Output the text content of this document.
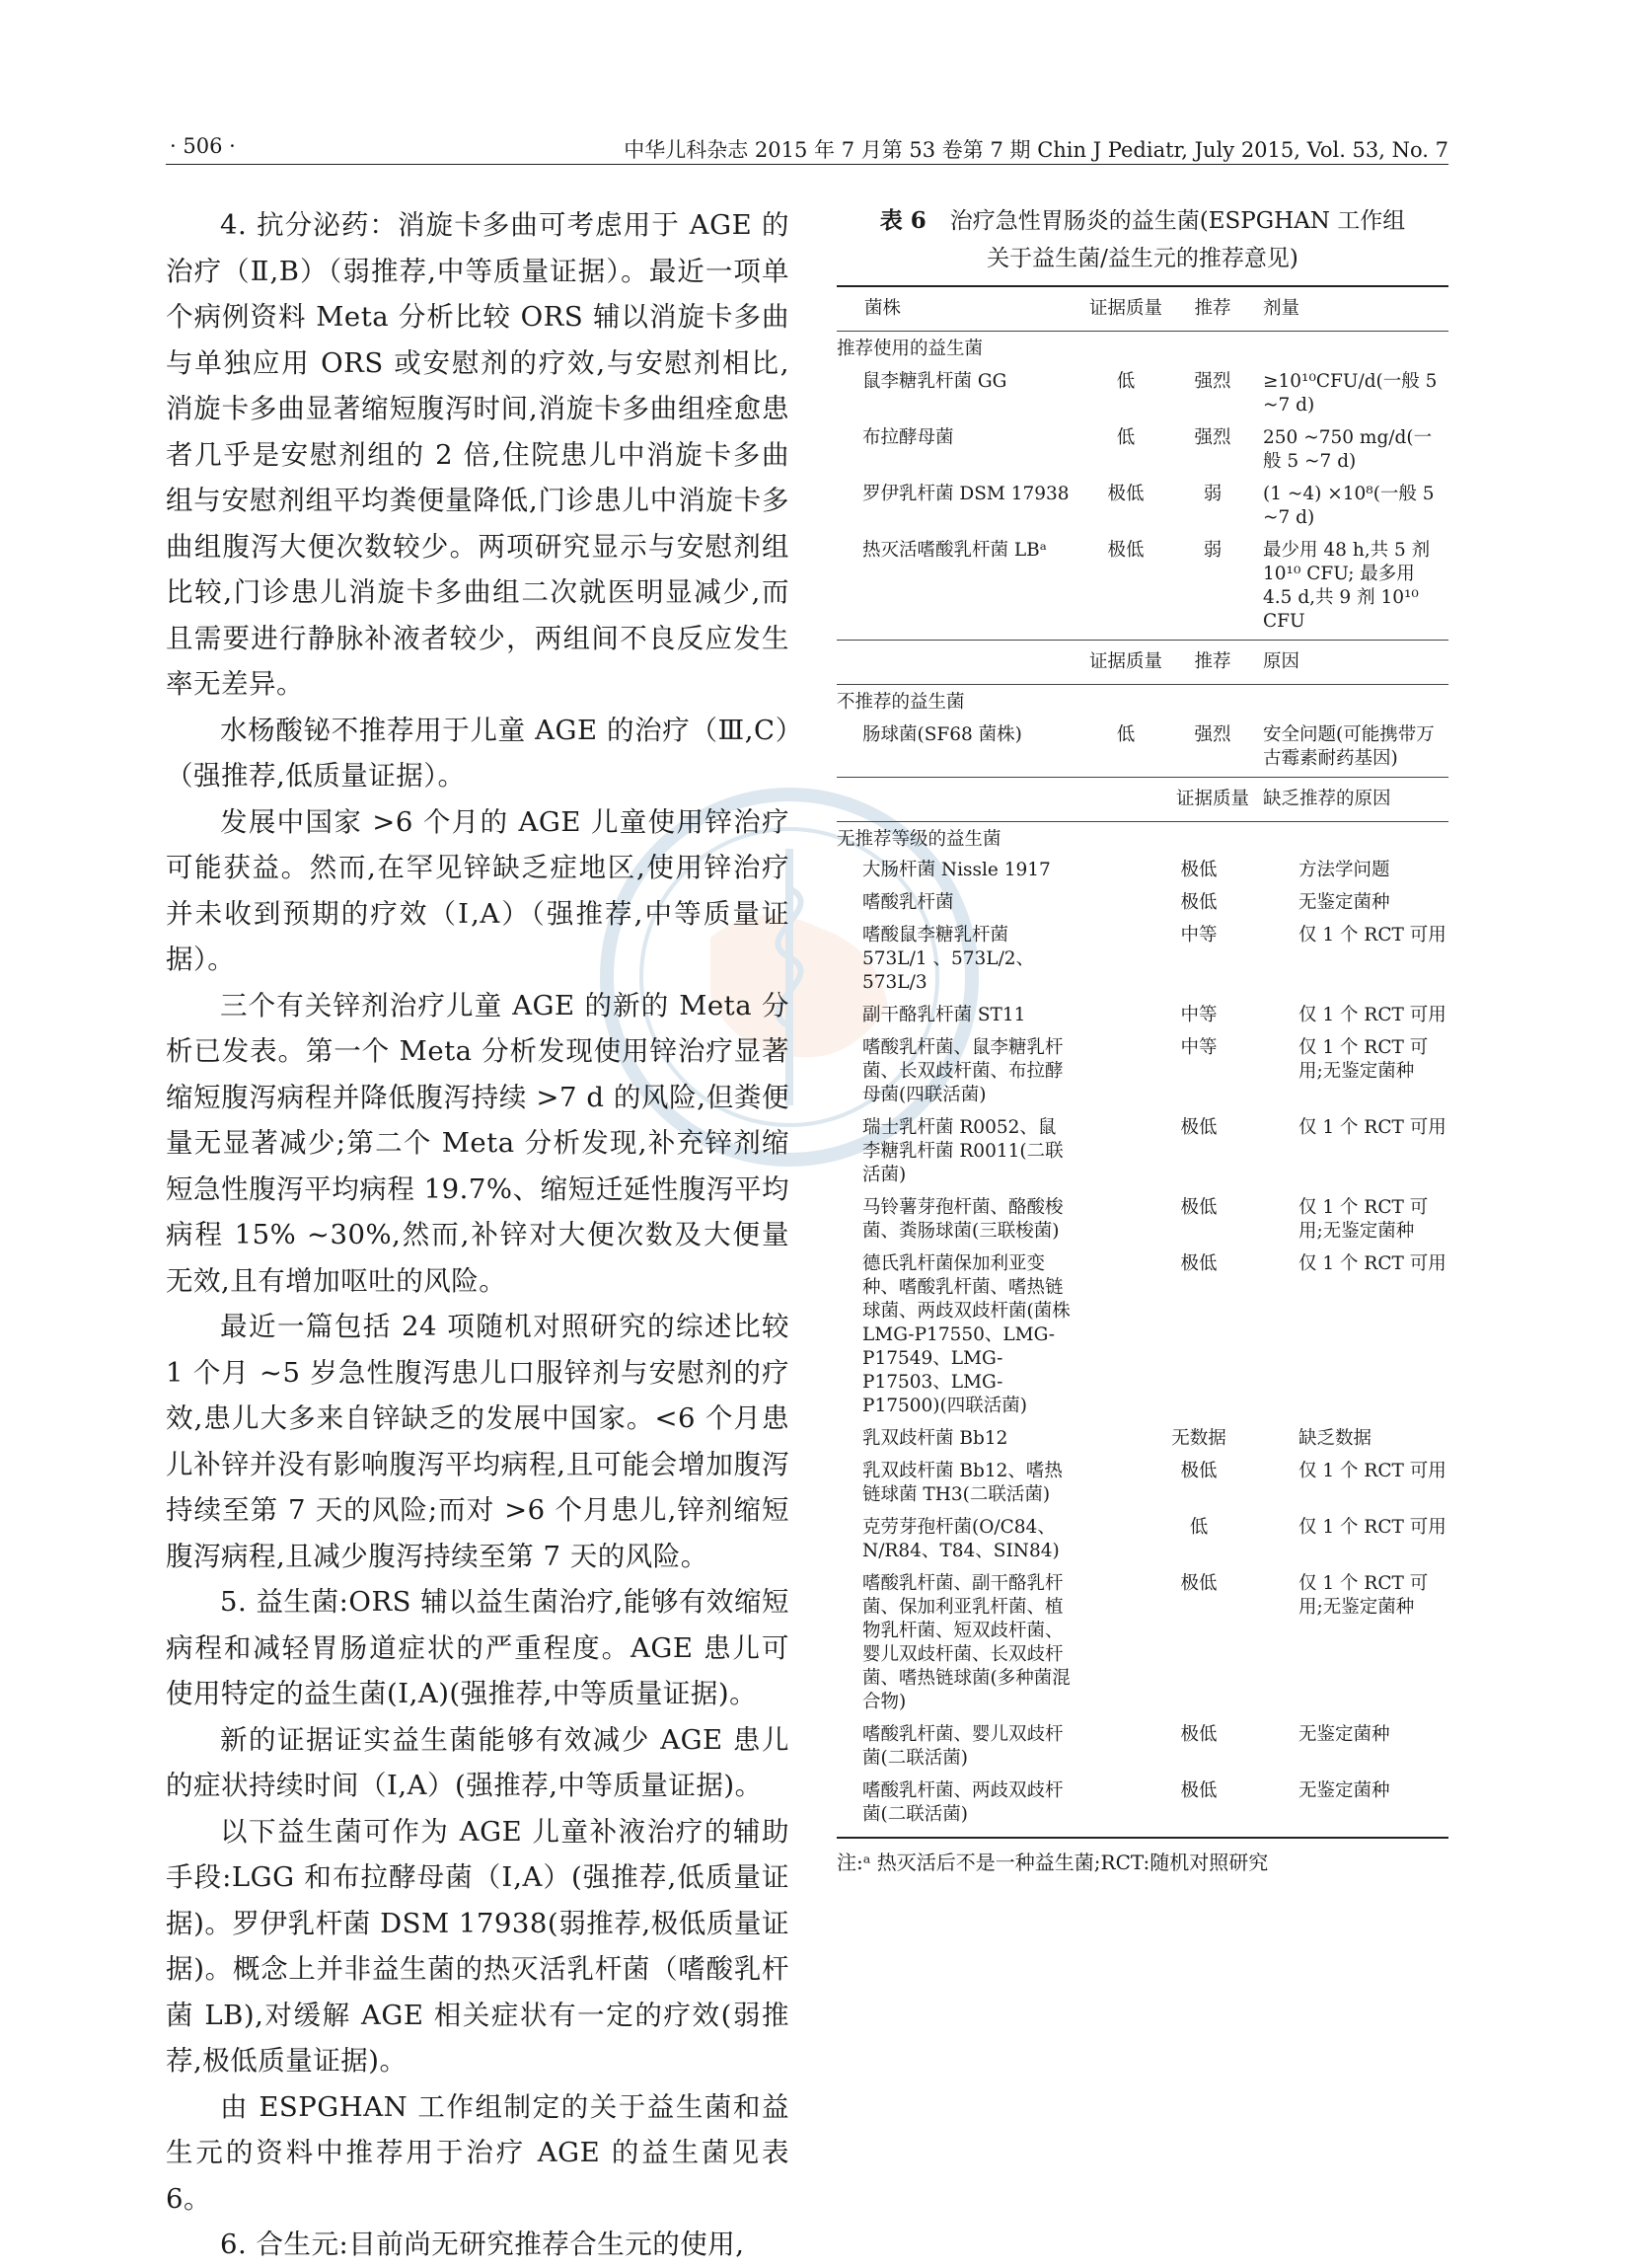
· 506 ·	中华儿科杂志 2015 年 7 月第 53 卷第 7 期 Chin J Pediatr, July 2015, Vol. 53, No. 7

4. 抗分泌药：消旋卡多曲可考虑用于 AGE 的治疗（Ⅱ,B）（弱推荐,中等质量证据）。最近一项单个病例资料 Meta 分析比较 ORS 辅以消旋卡多曲与单独应用 ORS 或安慰剂的疗效,与安慰剂相比,消旋卡多曲显著缩短腹泻时间,消旋卡多曲组痊愈患者几乎是安慰剂组的 2 倍,住院患儿中消旋卡多曲组与安慰剂组平均粪便量降低,门诊患儿中消旋卡多曲组腹泻大便次数较少。两项研究显示与安慰剂组比较,门诊患儿消旋卡多曲组二次就医明显减少,而且需要进行静脉补液者较少，两组间不良反应发生率无差异。

水杨酸铋不推荐用于儿童 AGE 的治疗（Ⅲ,C）（强推荐,低质量证据）。

发展中国家 >6 个月的 AGE 儿童使用锌治疗可能获益。然而,在罕见锌缺乏症地区,使用锌治疗并未收到预期的疗效（Ⅰ,A）（强推荐,中等质量证据）。

三个有关锌剂治疗儿童 AGE 的新的 Meta 分析已发表。第一个 Meta 分析发现使用锌治疗显著缩短腹泻病程并降低腹泻持续 >7 d 的风险,但粪便量无显著减少;第二个 Meta 分析发现,补充锌剂缩短急性腹泻平均病程 19.7%、缩短迁延性腹泻平均病程 15% ~30%,然而,补锌对大便次数及大便量无效,且有增加呕吐的风险。

最近一篇包括 24 项随机对照研究的综述比较 1 个月 ~5 岁急性腹泻患儿口服锌剂与安慰剂的疗效,患儿大多来自锌缺乏的发展中国家。<6 个月患儿补锌并没有影响腹泻平均病程,且可能会增加腹泻持续至第 7 天的风险;而对 >6 个月患儿,锌剂缩短腹泻病程,且减少腹泻持续至第 7 天的风险。

5. 益生菌:ORS 辅以益生菌治疗,能够有效缩短病程和减轻胃肠道症状的严重程度。AGE 患儿可使用特定的益生菌(Ⅰ,A)(强推荐,中等质量证据)。

新的证据证实益生菌能够有效减少 AGE 患儿的症状持续时间（Ⅰ,A）(强推荐,中等质量证据)。

以下益生菌可作为 AGE 儿童补液治疗的辅助手段:LGG 和布拉酵母菌（Ⅰ,A）(强推荐,低质量证据)。罗伊乳杆菌 DSM 17938(弱推荐,极低质量证据)。概念上并非益生菌的热灭活乳杆菌（嗜酸乳杆菌 LB),对缓解 AGE 相关症状有一定的疗效(弱推荐,极低质量证据)。

由 ESPGHAN 工作组制定的关于益生菌和益生元的资料中推荐用于治疗 AGE 的益生菌见表 6。

6. 合生元:目前尚无研究推荐合生元的使用,

表 6 治疗急性胃肠炎的益生菌(ESPGHAN 工作组

关于益生菌/益生元的推荐意见)

菌株	证据质量	推荐	剂量
推荐使用的益生菌			
鼠李糖乳杆菌 GG	低	强烈	≥10¹⁰CFU/d(一般 5 ~7 d)
布拉酵母菌	低	强烈	250 ~750 mg/d(一般 5 ~7 d)
罗伊乳杆菌 DSM 17938	极低	弱	(1 ~4) ×10⁸(一般 5 ~7 d)
热灭活嗜酸乳杆菌 LBᵃ	极低	弱	最少用 48 h,共 5 剂 10¹⁰ CFU; 最多用 4.5 d,共 9 剂 10¹⁰ CFU
	证据质量	推荐	原因
不推荐的益生菌			
肠球菌(SF68 菌株)	低	强烈	安全问题(可能携带万古霉素耐药基因)
		证据质量	缺乏推荐的原因
无推荐等级的益生菌			
大肠杆菌 Nissle 1917	极低	方法学问题
嗜酸乳杆菌	极低	无鉴定菌种
嗜酸鼠李糖乳杆菌 573L/1 、573L/2、573L/3	中等	仅 1 个 RCT 可用
副干酪乳杆菌 ST11	中等	仅 1 个 RCT 可用
嗜酸乳杆菌、鼠李糖乳杆菌、长双歧杆菌、布拉酵母菌(四联活菌)	中等	仅 1 个 RCT 可用;无鉴定菌种
瑞士乳杆菌 R0052、鼠李糖乳杆菌 R0011(二联活菌)	极低	仅 1 个 RCT 可用
马铃薯芽孢杆菌、酪酸梭菌、粪肠球菌(三联梭菌)	极低	仅 1 个 RCT 可用;无鉴定菌种
德氏乳杆菌保加利亚变种、嗜酸乳杆菌、嗜热链球菌、两歧双歧杆菌(菌株 LMG-P17550、LMG-P17549、LMG-P17503、LMG-P17500)(四联活菌)	极低	仅 1 个 RCT 可用
乳双歧杆菌 Bb12	无数据	缺乏数据
乳双歧杆菌 Bb12、嗜热链球菌 TH3(二联活菌)	极低	仅 1 个 RCT 可用
克劳芽孢杆菌(O/C84、N/R84、T84、SIN84)	低	仅 1 个 RCT 可用
嗜酸乳杆菌、副干酪乳杆菌、保加利亚乳杆菌、植物乳杆菌、短双歧杆菌、婴儿双歧杆菌、长双歧杆菌、嗜热链球菌(多种菌混合物)	极低	仅 1 个 RCT 可用;无鉴定菌种
嗜酸乳杆菌、婴儿双歧杆菌(二联活菌)	极低	无鉴定菌种
嗜酸乳杆菌、两歧双歧杆菌(二联活菌)	极低	无鉴定菌种

注:ᵃ 热灭活后不是一种益生菌;RCT:随机对照研究
